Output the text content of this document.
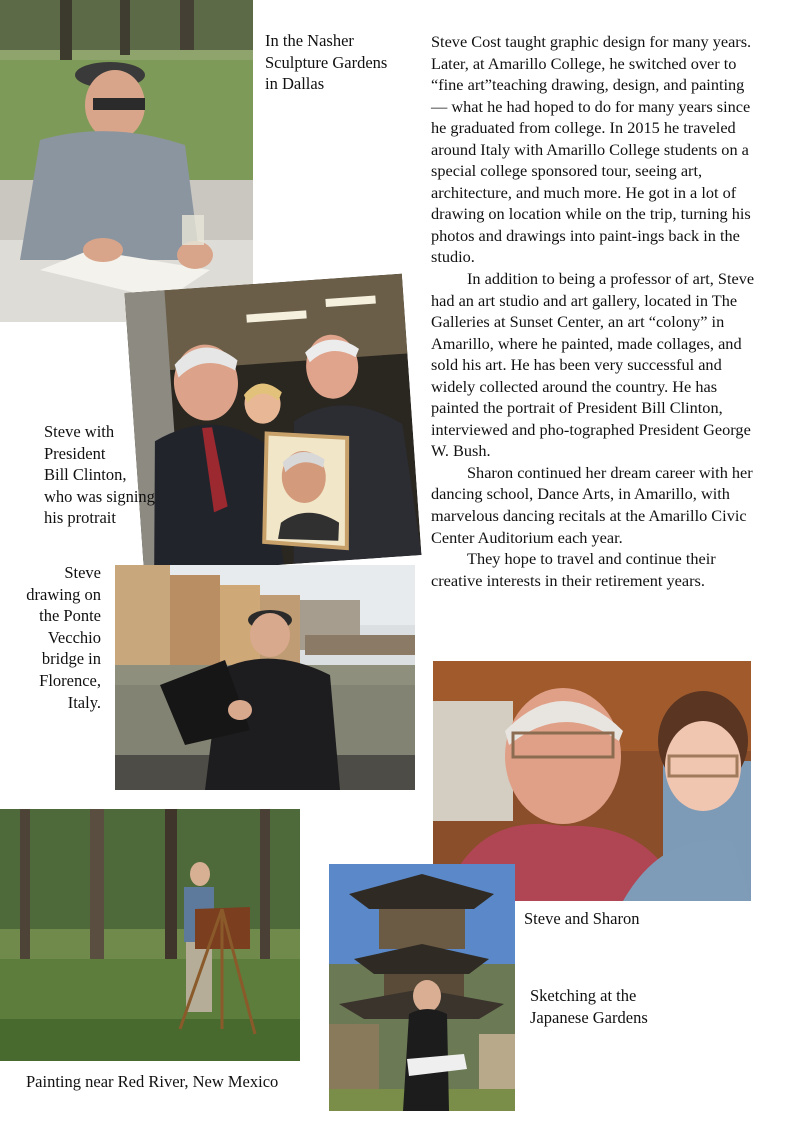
In the Nasher
Sculpture Gardens
in Dallas
Steve with
President
Bill Clinton,
who was signing
his protrait
Steve
drawing on
the Ponte
Vecchio
bridge in
Florence,
Italy.
Steve and Sharon
Painting near Red River, New Mexico
Sketching at the
Japanese Gardens

Steve Cost taught graphic design for many years. Later, at Amarillo College, he switched over to “fine art”teaching drawing, design, and painting — what he had hoped to do for many years since he graduated from college. In 2015 he traveled around Italy with Amarillo College students on a special college sponsored tour, seeing art, architecture, and much more. He got in a lot of drawing on location while on the trip, turning his photos and drawings into paint-ings back in the studio.

In addition to being a professor of art, Steve had an art studio and art gallery, located in The Galleries at Sunset Center, an art “colony” in Amarillo, where he painted, made collages, and sold his art. He has been very successful and widely collected around the country. He has painted the portrait of President Bill Clinton, interviewed and pho-tographed President George W. Bush.

Sharon continued her dream career with her dancing school, Dance Arts, in Amarillo, with marvelous dancing recitals at the Amarillo Civic Center Auditorium each year.

They hope to travel and continue their creative interests in their retirement years.
